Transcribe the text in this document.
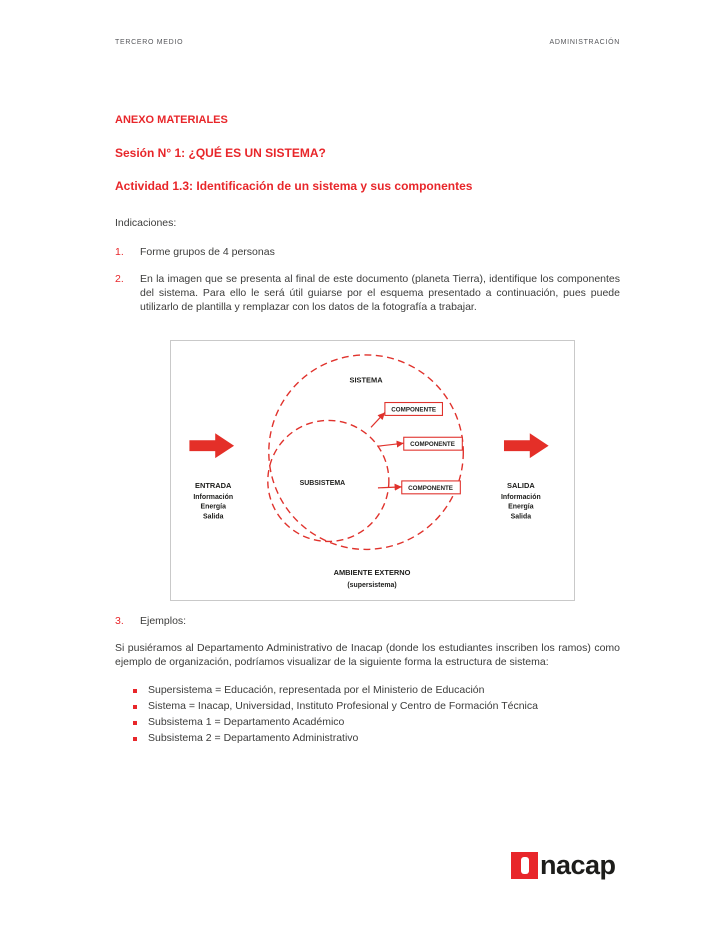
TERCERO MEDIO	ADMINISTRACIÓN
ANEXO MATERIALES
Sesión N° 1: ¿QUÉ ES UN SISTEMA?
Actividad 1.3: Identificación de un sistema y sus componentes
Indicaciones:
1.	Forme grupos de 4 personas
2.	En la imagen que se presenta al final de este documento (planeta Tierra), identifique los componentes del sistema. Para ello le será útil guiarse por el esquema presentado a continuación, pues puede utilizarlo de plantilla y remplazar con los datos de la fotografía a trabajar.
SISTEMA
SUBSISTEMA
COMPONENTE
COMPONENTE
COMPONENTE
ENTRADA
Información
Energía
Salida
SALIDA
Información
Energía
Salida
AMBIENTE EXTERNO
(supersistema)
3.	Ejemplos:
Si pusiéramos al Departamento Administrativo de Inacap (donde los estudiantes inscriben los ramos) como ejemplo de organización, podríamos visualizar de la siguiente forma la estructura de sistema:
Supersistema = Educación, representada por el Ministerio de Educación
Sistema = Inacap, Universidad, Instituto Profesional y Centro de Formación Técnica
Subsistema 1 = Departamento Académico
Subsistema 2 = Departamento Administrativo
nacap
